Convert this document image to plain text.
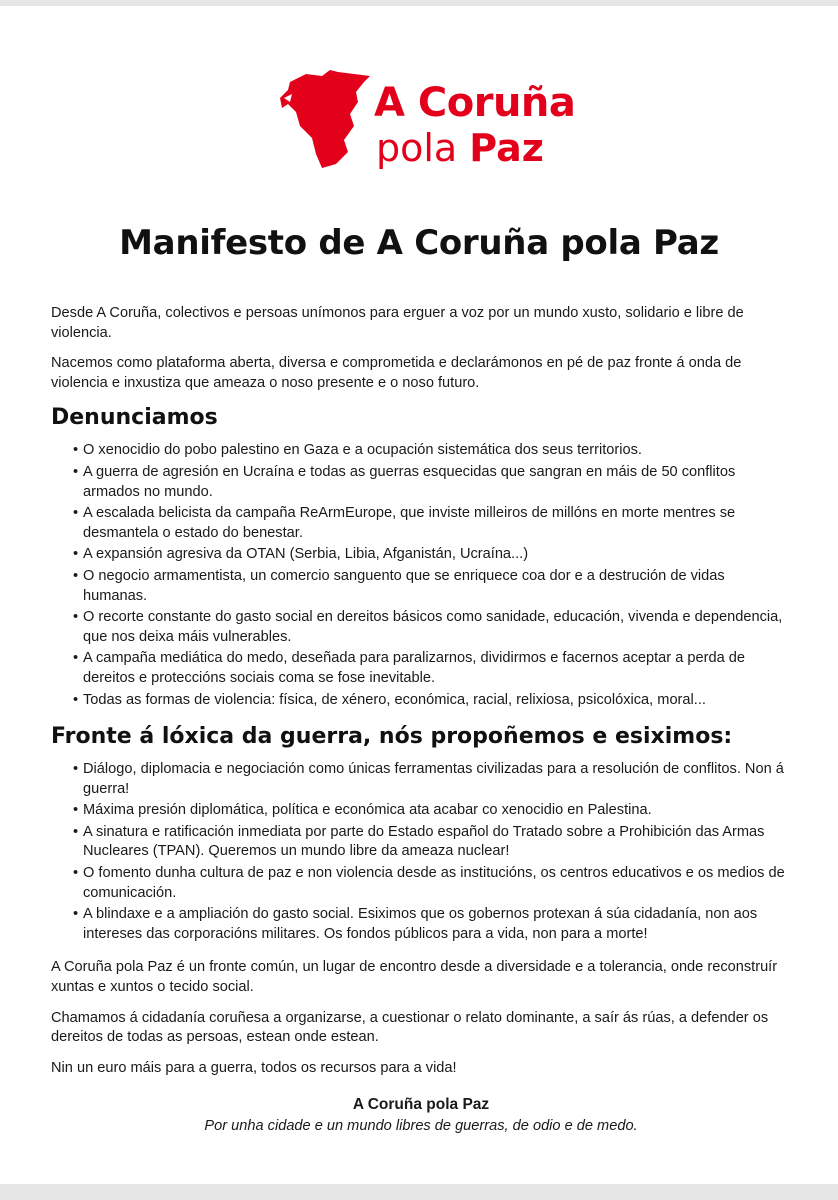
A Coruña
pola Paz
Manifesto de A Coruña pola Paz

Desde A Coruña, colectivos e persoas unímonos para erguer a voz por un mundo xusto, solidario e libre de violencia.

Nacemos como plataforma aberta, diversa e comprometida e declarámonos en pé de paz fronte á onda de violencia e inxustiza que ameaza o noso presente e o noso futuro.

Denunciamos
• O xenocidio do pobo palestino en Gaza e a ocupación sistemática dos seus territorios.
• A guerra de agresión en Ucraína e todas as guerras esquecidas que sangran en máis de 50 conflitos armados no mundo.
• A escalada belicista da campaña ReArmEurope, que inviste milleiros de millóns en morte mentres se desmantela o estado do benestar.
• A expansión agresiva da OTAN (Serbia, Libia, Afganistán, Ucraína...)
• O negocio armamentista, un comercio sanguento que se enriquece coa dor e a destrución de vidas humanas.
• O recorte constante do gasto social en dereitos básicos como sanidade, educación, vivenda e dependencia, que nos deixa máis vulnerables.
• A campaña mediática do medo, deseñada para paralizarnos, dividirmos e facernos aceptar a perda de dereitos e proteccións sociais coma se fose inevitable.
• Todas as formas de violencia: física, de xénero, económica, racial, relixiosa, psicolóxica, moral...
Fronte á lóxica da guerra, nós propoñemos e esiximos:
• Diálogo, diplomacia e negociación como únicas ferramentas civilizadas para a resolución de conflitos. Non á guerra!
• Máxima presión diplomática, política e económica ata acabar co xenocidio en Palestina.
• A sinatura e ratificación inmediata por parte do Estado español do Tratado sobre a Prohibición das Armas Nucleares (TPAN). Queremos un mundo libre da ameaza nuclear!
• O fomento dunha cultura de paz e non violencia desde as institucións, os centros educativos e os medios de comunicación.
• A blindaxe e a ampliación do gasto social. Esiximos que os gobernos protexan á súa cidadanía, non aos intereses das corporacións militares. Os fondos públicos para a vida, non para a morte!

A Coruña pola Paz é un fronte común, un lugar de encontro desde a diversidade e a tolerancia, onde reconstruír xuntas e xuntos o tecido social.

Chamamos á cidadanía coruñesa a organizarse, a cuestionar o relato dominante, a saír ás rúas, a defender os dereitos de todas as persoas, estean onde estean.

Nin un euro máis para a guerra, todos os recursos para a vida!

A Coruña pola Paz
Por unha cidade e un mundo libres de guerras, de odio e de medo.
